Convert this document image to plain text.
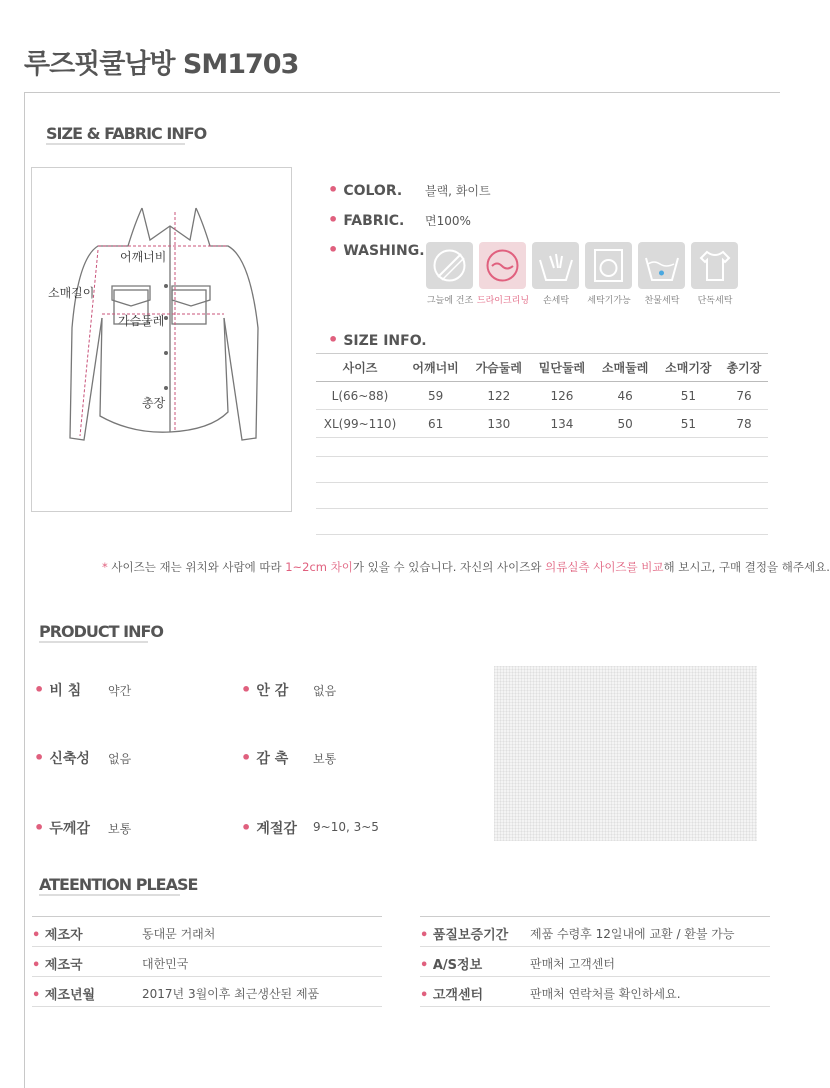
루즈핏쿨남방 SM1703
SIZE & FABRIC INFO
어깨너비
소매길이
가슴둘레
총장
• COLOR. 블랙, 화이트
• FABRIC. 면100%
• WASHING.
그늘에 건조 드라이크리닝	손세탁	세탁기가능	찬물세탁	단독세탁
• SIZE INFO.
사이즈	어깨너비	가슴둘레	밑단둘레	소매둘레	소매기장	총기장
L(66~88)	59	122	126	46	51	76
XL(99~110)	61	130	134	50	51	78
* 사이즈는 재는 위치와 사람에 따라 1~2cm 차이가 있을 수 있습니다. 자신의 사이즈와 의류실측 사이즈를 비교해 보시고, 구매 결정을 해주세요.
PRODUCT INFO
• 비 침 약간	• 안 감 없음
• 신축성 없음	• 감 촉 보통
• 두께감 보통	• 계절감 9~10, 3~5
ATEENTION PLEASE
• 제조자	동대문 거래처
• 제조국	대한민국
• 제조년월	2017년 3월이후 최근생산된 제품
• 품질보증기간 제품 수령후 12일내에 교환 / 환불 가능
• A/S정보	판매처 고객센터
• 고객센터	판매처 연락처를 확인하세요.
